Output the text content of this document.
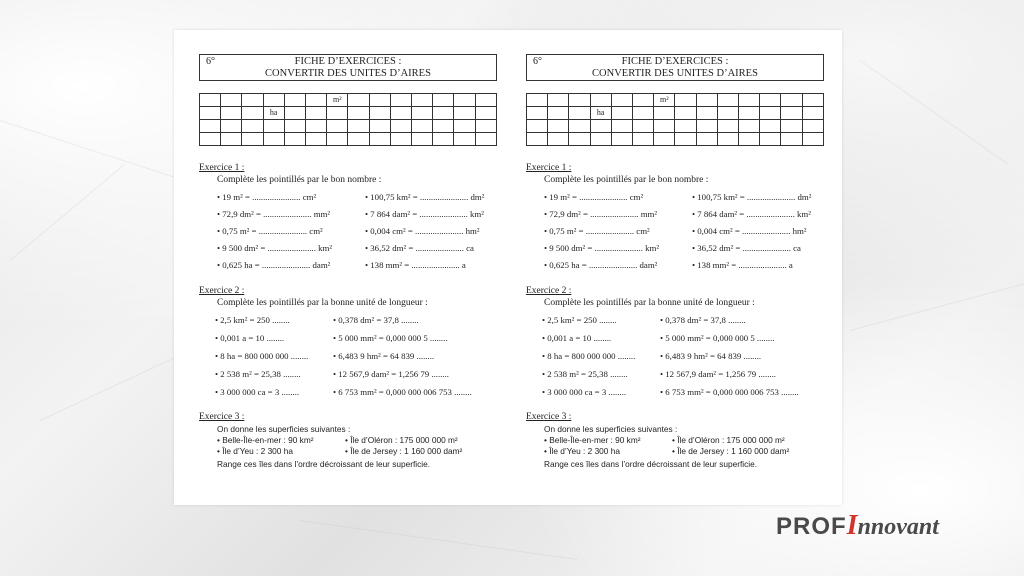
6°	FICHE D’EXERCICES :
CONVERTIR DES UNITES D’AIRES
						m²							
			ha										

Exercice 1 :
Complète les pointillés par le bon nombre :
• 19 m² = ...................... cm²	• 100,75 km² = ...................... dm²
• 72,9 dm² = ...................... mm²	• 7 864 dam² = ...................... km²
• 0,75 m² = ...................... cm²	• 0,004 cm² = ...................... hm²
• 9 500 dm² = ...................... km²	• 36,52 dm² = ...................... ca
• 0,625 ha = ...................... dam²	• 138 mm² = ...................... a
Exercice 2 :
Complète les pointillés par la bonne unité de longueur :
• 2,5 km² = 250 ........	• 0,378 dm² = 37,8 ........
• 0,001 a = 10 ........	• 5 000 mm² = 0,000 000 5 ........
• 8 ha = 800 000 000 ........	• 6,483 9 hm² = 64 839 ........
• 2 538 m² = 25,38 ........	• 12 567,9 dam² = 1,256 79 ........
• 3 000 000 ca = 3 ........	• 6 753 mm² = 0,000 000 006 753 ........
Exercice 3 :
On donne les superficies suivantes :
• Belle-Île-en-mer : 90 km²	• Île d’Oléron : 175 000 000 m²
• Île d’Yeu : 2 300 ha	• Île de Jersey : 1 160 000 dam²
Range ces îles dans l’ordre décroissant de leur superficie.
6°	FICHE D’EXERCICES :
CONVERTIR DES UNITES D’AIRES
						m²							
			ha										

Exercice 1 :
Complète les pointillés par le bon nombre :
• 19 m² = ...................... cm²	• 100,75 km² = ...................... dm²
• 72,9 dm² = ...................... mm²	• 7 864 dam² = ...................... km²
• 0,75 m² = ...................... cm²	• 0,004 cm² = ...................... hm²
• 9 500 dm² = ...................... km²	• 36,52 dm² = ...................... ca
• 0,625 ha = ...................... dam²	• 138 mm² = ...................... a
Exercice 2 :
Complète les pointillés par la bonne unité de longueur :
• 2,5 km² = 250 ........	• 0,378 dm² = 37,8 ........
• 0,001 a = 10 ........	• 5 000 mm² = 0,000 000 5 ........
• 8 ha = 800 000 000 ........	• 6,483 9 hm² = 64 839 ........
• 2 538 m² = 25,38 ........	• 12 567,9 dam² = 1,256 79 ........
• 3 000 000 ca = 3 ........	• 6 753 mm² = 0,000 000 006 753 ........
Exercice 3 :
On donne les superficies suivantes :
• Belle-Île-en-mer : 90 km²	• Île d’Oléron : 175 000 000 m²
• Île d’Yeu : 2 300 ha	• Île de Jersey : 1 160 000 dam²
Range ces îles dans l’ordre décroissant de leur superficie.
PROFInnovant
